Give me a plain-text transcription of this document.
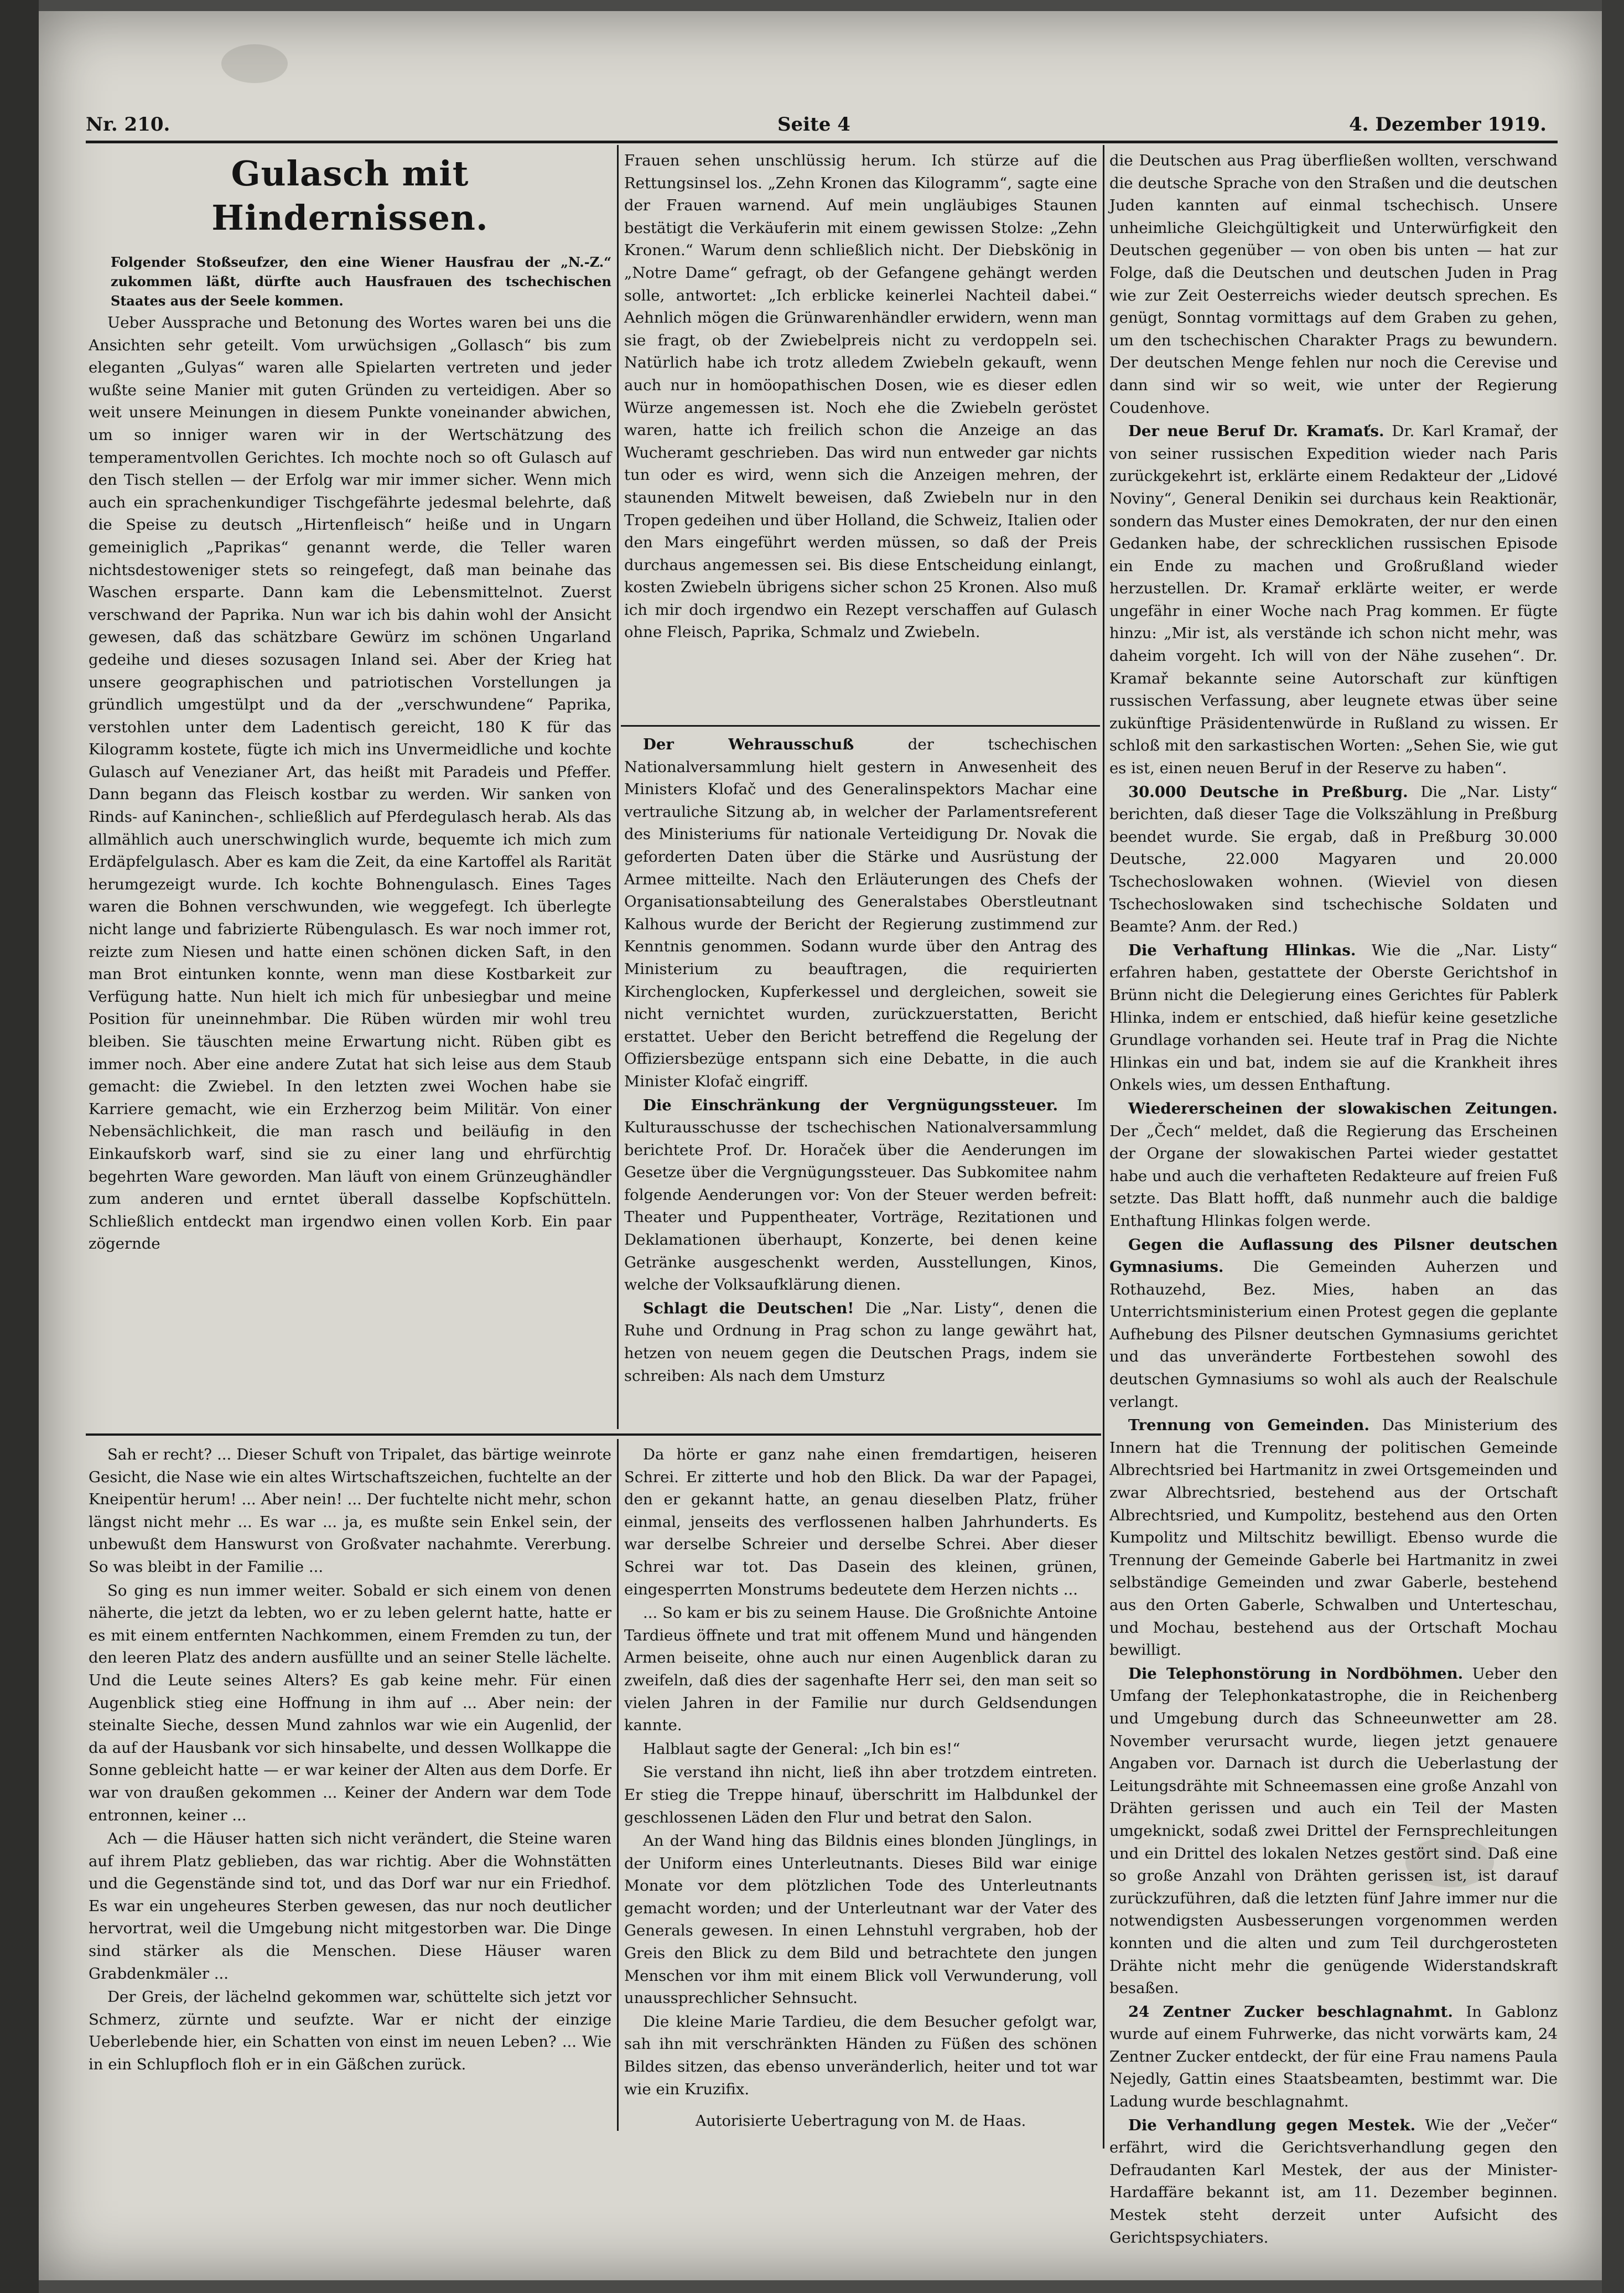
Nr. 210.	Seite 4	4. Dezember 1919.
Gulasch mit Hindernissen.

Folgender Stoßseufzer, den eine Wiener Hausfrau der „N.-Z.“ zukommen läßt, dürfte auch Hausfrauen des tschechischen Staates aus der Seele kommen.

Ueber Aussprache und Betonung des Wortes waren bei uns die Ansichten sehr geteilt. Vom urwüchsigen „Gollasch“ bis zum eleganten „Gulyas“ waren alle Spielarten vertreten und jeder wußte seine Manier mit guten Gründen zu verteidigen. Aber so weit unsere Meinungen in diesem Punkte voneinander abwichen, um so inniger waren wir in der Wertschätzung des temperamentvollen Gerichtes. Ich mochte noch so oft Gulasch auf den Tisch stellen — der Erfolg war mir immer sicher. Wenn mich auch ein sprachenkundiger Tischgefährte jedesmal belehrte, daß die Speise zu deutsch „Hirtenfleisch“ heiße und in Ungarn gemeiniglich „Paprikas“ genannt werde, die Teller waren nichtsdestoweniger stets so reingefegt, daß man beinahe das Waschen ersparte. Dann kam die Lebensmittelnot. Zuerst verschwand der Paprika. Nun war ich bis dahin wohl der Ansicht gewesen, daß das schätzbare Gewürz im schönen Ungarland gedeihe und dieses sozusagen Inland sei. Aber der Krieg hat unsere geographischen und patriotischen Vorstellungen ja gründlich umgestülpt und da der „verschwundene“ Paprika, verstohlen unter dem Ladentisch gereicht, 180 K für das Kilogramm kostete, fügte ich mich ins Unvermeidliche und kochte Gulasch auf Venezianer Art, das heißt mit Paradeis und Pfeffer. Dann begann das Fleisch kostbar zu werden. Wir sanken von Rinds- auf Kaninchen-, schließlich auf Pferdegulasch herab. Als das allmählich auch unerschwinglich wurde, bequemte ich mich zum Erdäpfelgulasch. Aber es kam die Zeit, da eine Kartoffel als Rarität herumgezeigt wurde. Ich kochte Bohnengulasch. Eines Tages waren die Bohnen verschwunden, wie weggefegt. Ich überlegte nicht lange und fabrizierte Rübengulasch. Es war noch immer rot, reizte zum Niesen und hatte einen schönen dicken Saft, in den man Brot eintunken konnte, wenn man diese Kostbarkeit zur Verfügung hatte. Nun hielt ich mich für unbesiegbar und meine Position für uneinnehmbar. Die Rüben würden mir wohl treu bleiben. Sie täuschten meine Erwartung nicht. Rüben gibt es immer noch. Aber eine andere Zutat hat sich leise aus dem Staub gemacht: die Zwiebel. In den letzten zwei Wochen habe sie Karriere gemacht, wie ein Erzherzog beim Militär. Von einer Nebensächlichkeit, die man rasch und beiläufig in den Einkaufskorb warf, sind sie zu einer lang und ehrfürchtig begehrten Ware geworden. Man läuft von einem Grünzeughändler zum anderen und erntet überall dasselbe Kopfschütteln. Schließlich entdeckt man irgendwo einen vollen Korb. Ein paar zögernde

Frauen sehen unschlüssig herum. Ich stürze auf die Rettungsinsel los. „Zehn Kronen das Kilogramm“, sagte eine der Frauen warnend. Auf mein ungläubiges Staunen bestätigt die Verkäuferin mit einem gewissen Stolze: „Zehn Kronen.“ Warum denn schließlich nicht. Der Diebskönig in „Notre Dame“ gefragt, ob der Gefangene gehängt werden solle, antwortet: „Ich erblicke keinerlei Nachteil dabei.“ Aehnlich mögen die Grünwarenhändler erwidern, wenn man sie fragt, ob der Zwiebelpreis nicht zu verdoppeln sei. Natürlich habe ich trotz alledem Zwiebeln gekauft, wenn auch nur in homöopathischen Dosen, wie es dieser edlen Würze angemessen ist. Noch ehe die Zwiebeln geröstet waren, hatte ich freilich schon die Anzeige an das Wucheramt geschrieben. Das wird nun entweder gar nichts tun oder es wird, wenn sich die Anzeigen mehren, der staunenden Mitwelt beweisen, daß Zwiebeln nur in den Tropen gedeihen und über Holland, die Schweiz, Italien oder den Mars eingeführt werden müssen, so daß der Preis durchaus angemessen sei. Bis diese Entscheidung einlangt, kosten Zwiebeln übrigens sicher schon 25 Kronen. Also muß ich mir doch irgendwo ein Rezept verschaffen auf Gulasch ohne Fleisch, Paprika, Schmalz und Zwiebeln.

Der Wehrausschuß	der tschechischen Nationalversammlung hielt gestern in Anwesenheit des Ministers Klofač und des Generalinspektors Machar eine vertrauliche Sitzung ab, in welcher der Parlamentsreferent des Ministeriums für nationale Verteidigung Dr. Novak die geforderten Daten über die Stärke und Ausrüstung der Armee mitteilte. Nach den Erläuterungen des Chefs der Organisationsabteilung des Generalstabes Oberstleutnant Kalhous wurde der Bericht der Regierung zustimmend zur Kenntnis genommen. Sodann wurde über den Antrag des Ministerium zu beauftragen, die requirierten Kirchenglocken, Kupferkessel und dergleichen, soweit sie nicht vernichtet wurden, zurückzuerstatten, Bericht erstattet. Ueber den Bericht betreffend die Regelung der Offiziersbezüge entspann sich eine Debatte, in die auch Minister Klofač eingriff.

Die Einschränkung der Vergnügungssteuer. Im Kulturausschusse der tschechischen Nationalversammlung berichtete Prof. Dr. Horaček über die Aenderungen im Gesetze über die Vergnügungssteuer. Das Subkomitee nahm folgende Aenderungen vor: Von der Steuer werden befreit: Theater und Puppentheater, Vorträge, Rezitationen und Deklamationen überhaupt, Konzerte, bei denen keine Getränke ausgeschenkt werden, Ausstellungen, Kinos, welche der Volksaufklärung dienen.

Schlagt die Deutschen! Die „Nar. Listy“, denen die Ruhe und Ordnung in Prag schon zu lange gewährt hat, hetzen von neuem gegen die Deutschen Prags, indem sie schreiben: Als nach dem Umsturz

die Deutschen aus Prag überfließen wollten, verschwand die deutsche Sprache von den Straßen und die deutschen Juden kannten auf einmal tschechisch. Unsere unheimliche Gleichgültigkeit und Unterwürfigkeit den Deutschen gegenüber — von oben bis unten — hat zur Folge, daß die Deutschen und deutschen Juden in Prag wie zur Zeit Oesterreichs wieder deutsch sprechen. Es genügt, Sonntag vormittags auf dem Graben zu gehen, um den tschechischen Charakter Prags zu bewundern. Der deutschen Menge fehlen nur noch die Cerevise und dann sind wir so weit, wie unter der Regierung Coudenhove.

Der neue Beruf Dr. Kramaťs. Dr. Karl Kramař, der von seiner russischen Expedition wieder nach Paris zurückgekehrt ist, erklärte einem Redakteur der „Lidové Noviny“, General Denikin sei durchaus kein Reaktionär, sondern das Muster eines Demokraten, der nur den einen Gedanken habe, der schrecklichen russischen Episode ein Ende zu machen und Großrußland wieder herzustellen. Dr. Kramař erklärte weiter, er werde ungefähr in einer Woche nach Prag kommen. Er fügte hinzu: „Mir ist, als verstände ich schon nicht mehr, was daheim vorgeht. Ich will von der Nähe zusehen“. Dr. Kramař bekannte seine Autorschaft zur künftigen russischen Verfassung, aber leugnete etwas über seine zukünftige Präsidentenwürde in Rußland zu wissen. Er schloß mit den sarkastischen Worten: „Sehen Sie, wie gut es ist, einen neuen Beruf in der Reserve zu haben“.

30.000 Deutsche in Preßburg. Die „Nar. Listy“ berichten, daß dieser Tage die Volkszählung in Preßburg beendet wurde. Sie ergab, daß in Preßburg 30.000 Deutsche, 22.000 Magyaren und 20.000 Tschechoslowaken wohnen. (Wieviel von diesen Tschechoslowaken sind tschechische Soldaten und Beamte? Anm. der Red.)

Die Verhaftung Hlinkas. Wie die „Nar. Listy“ erfahren haben, gestattete der Oberste Gerichtshof in Brünn nicht die Delegierung eines Gerichtes für Pablerk Hlinka, indem er entschied, daß hiefür keine gesetzliche Grundlage vorhanden sei. Heute traf in Prag die Nichte Hlinkas ein und bat, indem sie auf die Krankheit ihres Onkels wies, um dessen Enthaftung.

Wiedererscheinen der slowakischen Zeitungen. Der „Čech“ meldet, daß die Regierung das Erscheinen der Organe der slowakischen Partei wieder gestattet habe und auch die verhafteten Redakteure auf freien Fuß setzte. Das Blatt hofft, daß nunmehr auch die baldige Enthaftung Hlinkas folgen werde.

Gegen die Auflassung des Pilsner deutschen Gymnasiums. Die Gemeinden Auherzen und Rothauzehd, Bez. Mies, haben an das Unterrichtsministerium einen Protest gegen die geplante Aufhebung des Pilsner deutschen Gymnasiums gerichtet und das unveränderte Fortbestehen sowohl des deutschen Gymnasiums so wohl als auch der Realschule verlangt.

Trennung von Gemeinden. Das Ministerium des Innern hat die Trennung der politischen Gemeinde Albrechtsried bei Hartmanitz in zwei Ortsgemeinden und zwar Albrechtsried, bestehend aus der Ortschaft Albrechtsried, und Kumpolitz, bestehend aus den Orten Kumpolitz und Miltschitz bewilligt. Ebenso wurde die Trennung der Gemeinde Gaberle bei Hartmanitz in zwei selbständige Gemeinden und zwar Gaberle, bestehend aus den Orten Gaberle, Schwalben und Unterteschau, und Mochau, bestehend aus der Ortschaft Mochau bewilligt.

Die Telephonstörung in Nordböhmen. Ueber den Umfang der Telephonkatastrophe, die in Reichenberg und Umgebung durch das Schneeunwetter am 28. November verursacht wurde, liegen jetzt genauere Angaben vor. Darnach ist durch die Ueberlastung der Leitungsdrähte mit Schneemassen eine große Anzahl von Drähten gerissen und auch ein Teil der Masten umgeknickt, sodaß zwei Drittel der Fernsprechleitungen und ein Drittel des lokalen Netzes gestört sind. Daß eine so große Anzahl von Drähten gerissen ist, ist darauf zurückzuführen, daß die letzten fünf Jahre immer nur die notwendigsten Ausbesserungen vorgenommen werden konnten und die alten und zum Teil durchgerosteten Drähte nicht mehr die genügende Widerstandskraft besaßen.

24 Zentner Zucker beschlagnahmt. In Gablonz wurde auf einem Fuhrwerke, das nicht vorwärts kam, 24 Zentner Zucker entdeckt, der für eine Frau namens Paula Nejedly, Gattin eines Staatsbeamten, bestimmt war. Die Ladung wurde beschlagnahmt.

Die Verhandlung gegen Mestek. Wie der „Večer“ erfährt, wird die Gerichtsverhandlung gegen den Defraudanten Karl Mestek, der aus der Minister-Hardaffäre bekannt ist, am 11. Dezember beginnen. Mestek steht derzeit unter Aufsicht des Gerichtspsychiaters.

Sah er recht? ... Dieser Schuft von Tripalet, das bärtige weinrote Gesicht, die Nase wie ein altes Wirtschaftszeichen, fuchtelte an der Kneipentür herum! ... Aber nein! ... Der fuchtelte nicht mehr, schon längst nicht mehr ... Es war ... ja, es mußte sein Enkel sein, der unbewußt dem Hanswurst von Großvater nachahmte. Vererbung. So was bleibt in der Familie ...

So ging es nun immer weiter. Sobald er sich einem von denen näherte, die jetzt da lebten, wo er zu leben gelernt hatte, hatte er es mit einem entfernten Nachkommen, einem Fremden zu tun, der den leeren Platz des andern ausfüllte und an seiner Stelle lächelte. Und die Leute seines Alters? Es gab keine mehr. Für einen Augenblick stieg eine Hoffnung in ihm auf ... Aber nein: der steinalte Sieche, dessen Mund zahnlos war wie ein Augenlid, der da auf der Hausbank vor sich hinsabelte, und dessen Wollkappe die Sonne gebleicht hatte — er war keiner der Alten aus dem Dorfe. Er war von draußen gekommen ... Keiner der Andern war dem Tode entronnen, keiner ...

Ach — die Häuser hatten sich nicht verändert, die Steine waren auf ihrem Platz geblieben, das war richtig. Aber die Wohnstätten und die Gegenstände sind tot, und das Dorf war nur ein Friedhof. Es war ein ungeheures Sterben gewesen, das nur noch deutlicher hervortrat, weil die Umgebung nicht mitgestorben war. Die Dinge sind stärker als die Menschen. Diese Häuser waren Grabdenkmäler ...

Der Greis, der lächelnd gekommen war, schüttelte sich jetzt vor Schmerz, zürnte und seufzte. War er nicht der einzige Ueberlebende hier, ein Schatten von einst im neuen Leben? ... Wie in ein Schlupfloch floh er in ein Gäßchen zurück.

Da hörte er ganz nahe einen fremdartigen, heiseren Schrei. Er zitterte und hob den Blick. Da war der Papagei, den er gekannt hatte, an genau dieselben Platz, früher einmal, jenseits des verflossenen halben Jahrhunderts. Es war derselbe Schreier und derselbe Schrei. Aber dieser Schrei war tot. Das Dasein des kleinen, grünen, eingesperrten Monstrums bedeutete dem Herzen nichts ...

... So kam er bis zu seinem Hause. Die Großnichte Antoine Tardieus öffnete und trat mit offenem Mund und hängenden Armen beiseite, ohne auch nur einen Augenblick daran zu zweifeln, daß dies der sagenhafte Herr sei, den man seit so vielen Jahren in der Familie nur durch Geldsendungen kannte.

Halblaut sagte der General: „Ich bin es!“

Sie verstand ihn nicht, ließ ihn aber trotzdem eintreten. Er stieg die Treppe hinauf, überschritt im Halbdunkel der geschlossenen Läden den Flur und betrat den Salon.

An der Wand hing das Bildnis eines blonden Jünglings, in der Uniform eines Unterleutnants. Dieses Bild war einige Monate vor dem plötzlichen Tode des Unterleutnants gemacht worden; und der Unterleutnant war der Vater des Generals gewesen. In einen Lehnstuhl vergraben, hob der Greis den Blick zu dem Bild und betrachtete den jungen Menschen vor ihm mit einem Blick voll Verwunderung, voll unaussprechlicher Sehnsucht.

Die kleine Marie Tardieu, die dem Besucher gefolgt war, sah ihn mit verschränkten Händen zu Füßen des schönen Bildes sitzen, das ebenso unveränderlich, heiter und tot war wie ein Kruzifix.

Autorisierte Uebertragung von M. de Haas.
